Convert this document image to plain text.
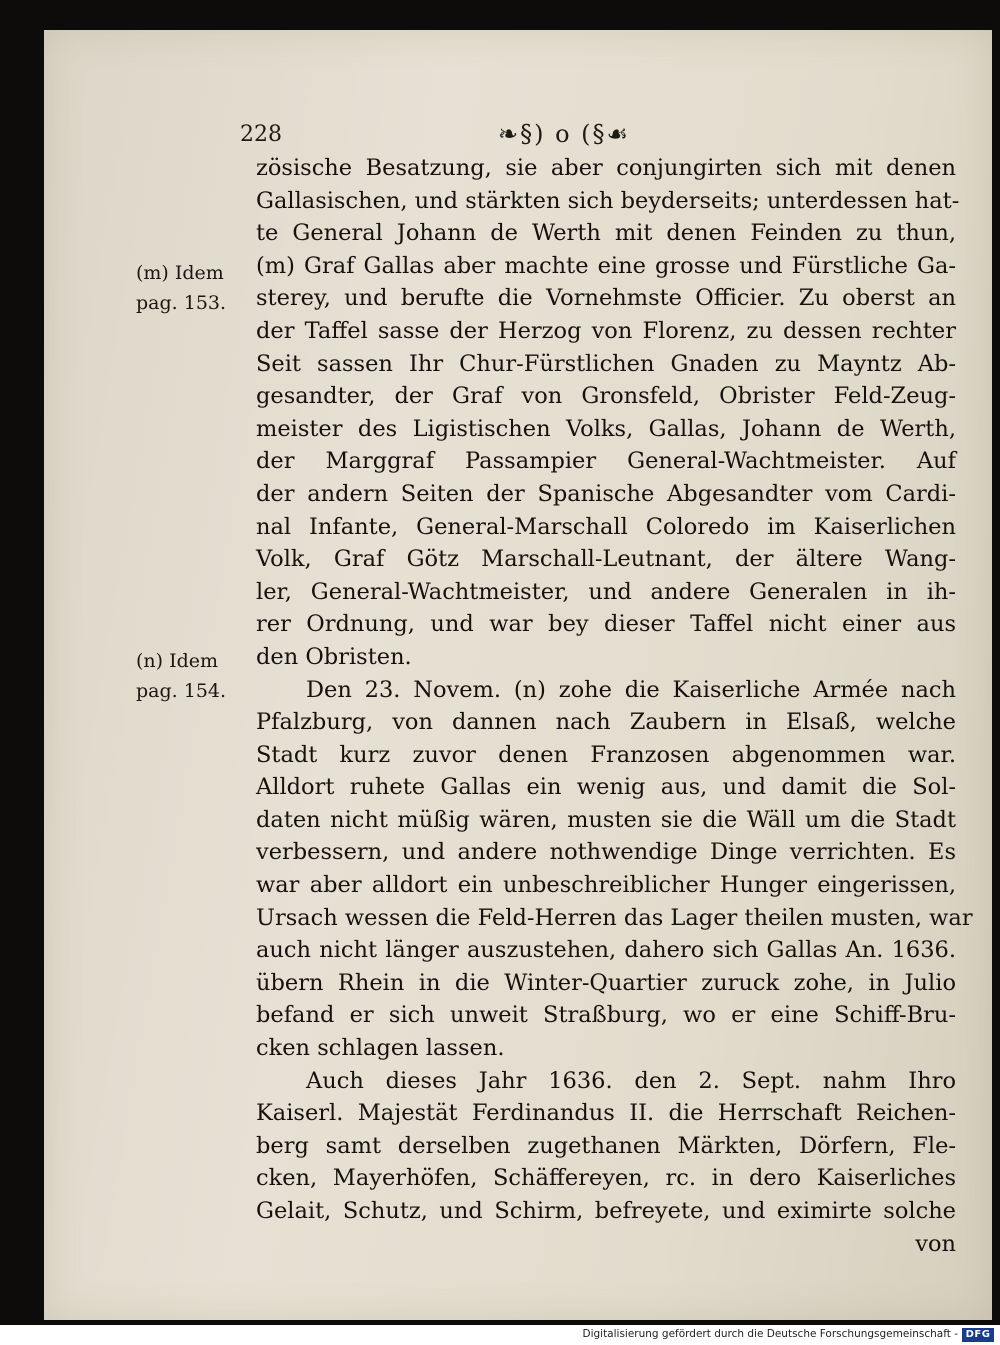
228	❧§) o (§☙
(m) Idem
pag. 153.
(n) Idem
pag. 154.
zösische Besatzung, sie aber conjungirten sich mit denen
Gallasischen, und stärkten sich beyderseits; unterdessen hat-
te General Johann de Werth mit denen Feinden zu thun,
(m) Graf Gallas aber machte eine grosse und Fürstliche Ga-
sterey, und berufte die Vornehmste Officier. Zu oberst an
der Taffel sasse der Herzog von Florenz, zu dessen rechter
Seit sassen Ihr Chur-Fürstlichen Gnaden zu Mayntz Ab-
gesandter, der Graf von Gronsfeld, Obrister Feld-Zeug-
meister des Ligistischen Volks, Gallas, Johann de Werth,
der Marggraf Passampier General-Wachtmeister. Auf
der andern Seiten der Spanische Abgesandter vom Cardi-
nal Infante, General-Marschall Coloredo im Kaiserlichen
Volk, Graf Götz Marschall-Leutnant, der ältere Wang-
ler, General-Wachtmeister, und andere Generalen in ih-
rer Ordnung, und war bey dieser Taffel nicht einer aus
den Obristen.
Den 23. Novem. (n) zohe die Kaiserliche Armée nach
Pfalzburg, von dannen nach Zaubern in Elsaß, welche
Stadt kurz zuvor denen Franzosen abgenommen war.
Alldort ruhete Gallas ein wenig aus, und damit die Sol-
daten nicht müßig wären, musten sie die Wäll um die Stadt
verbessern, und andere nothwendige Dinge verrichten. Es
war aber alldort ein unbeschreiblicher Hunger eingerissen,
Ursach wessen die Feld-Herren das Lager theilen musten, war
auch nicht länger auszustehen, dahero sich Gallas An. 1636.
übern Rhein in die Winter-Quartier zuruck zohe, in Julio
befand er sich unweit Straßburg, wo er eine Schiff-Bru-
cken schlagen lassen.
Auch dieses Jahr 1636. den 2. Sept. nahm Ihro
Kaiserl. Majestät Ferdinandus II. die Herrschaft Reichen-
berg samt derselben zugethanen Märkten, Dörfern, Fle-
cken, Mayerhöfen, Schäffereyen, rc. in dero Kaiserliches
Gelait, Schutz, und Schirm, befreyete, und eximirte solche
von
Digitalisierung gefördert durch die Deutsche Forschungsgemeinschaft - DFG
